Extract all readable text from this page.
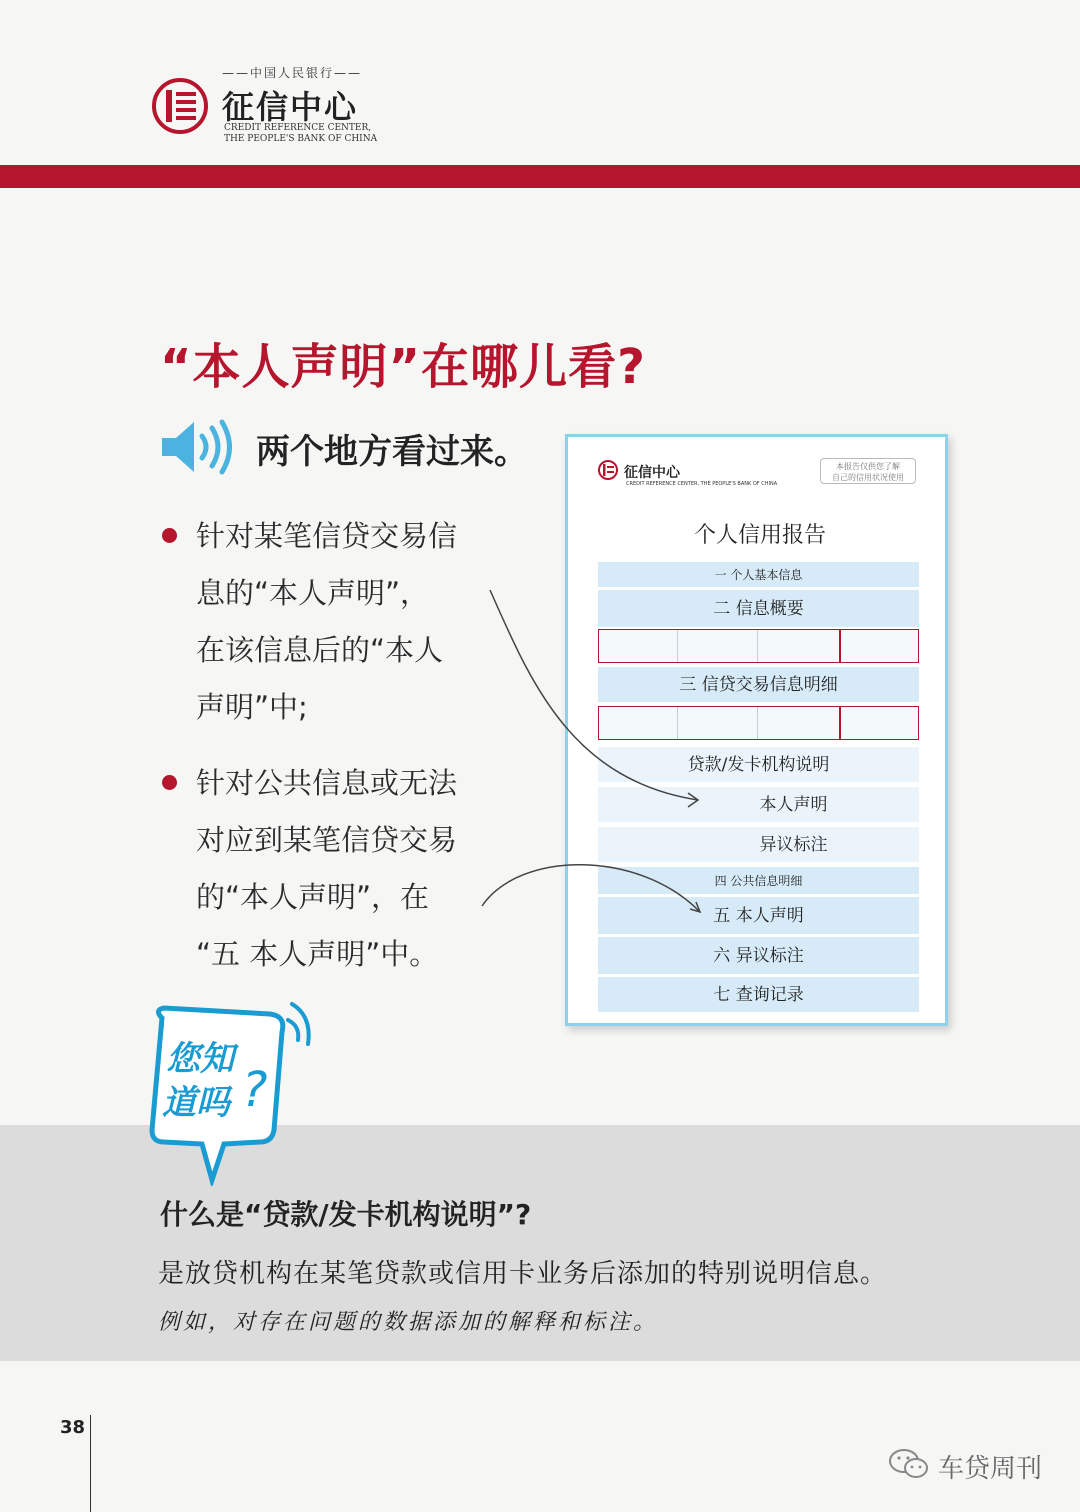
——中国人民银行——
征信中心
CREDIT REFERENCE CENTER,
THE PEOPLE'S BANK OF CHINA
“本人声明”在哪儿看?
两个地方看过来。
针对某笔信贷交易信
息的“本人声明”，
在该信息后的“本人
声明”中;
针对公共信息或无法
对应到某笔信贷交易
的“本人声明”，在
“五 本人声明”中。
征信中心
CREDIT REFERENCE CENTER, THE PEOPLE'S BANK OF CHINA
本报告仅供您了解
自己的信用状况使用
个人信用报告
一 个人基本信息
二 信息概要
三 信贷交易信息明细
贷款/发卡机构说明
本人声明
异议标注
四 公共信息明细
五 本人声明
六 异议标注
七 查询记录
您知
道吗 ?
什么是“贷款/发卡机构说明”?
是放贷机构在某笔贷款或信用卡业务后添加的特别说明信息。
例如，对存在问题的数据添加的解释和标注。
38
车贷周刊
